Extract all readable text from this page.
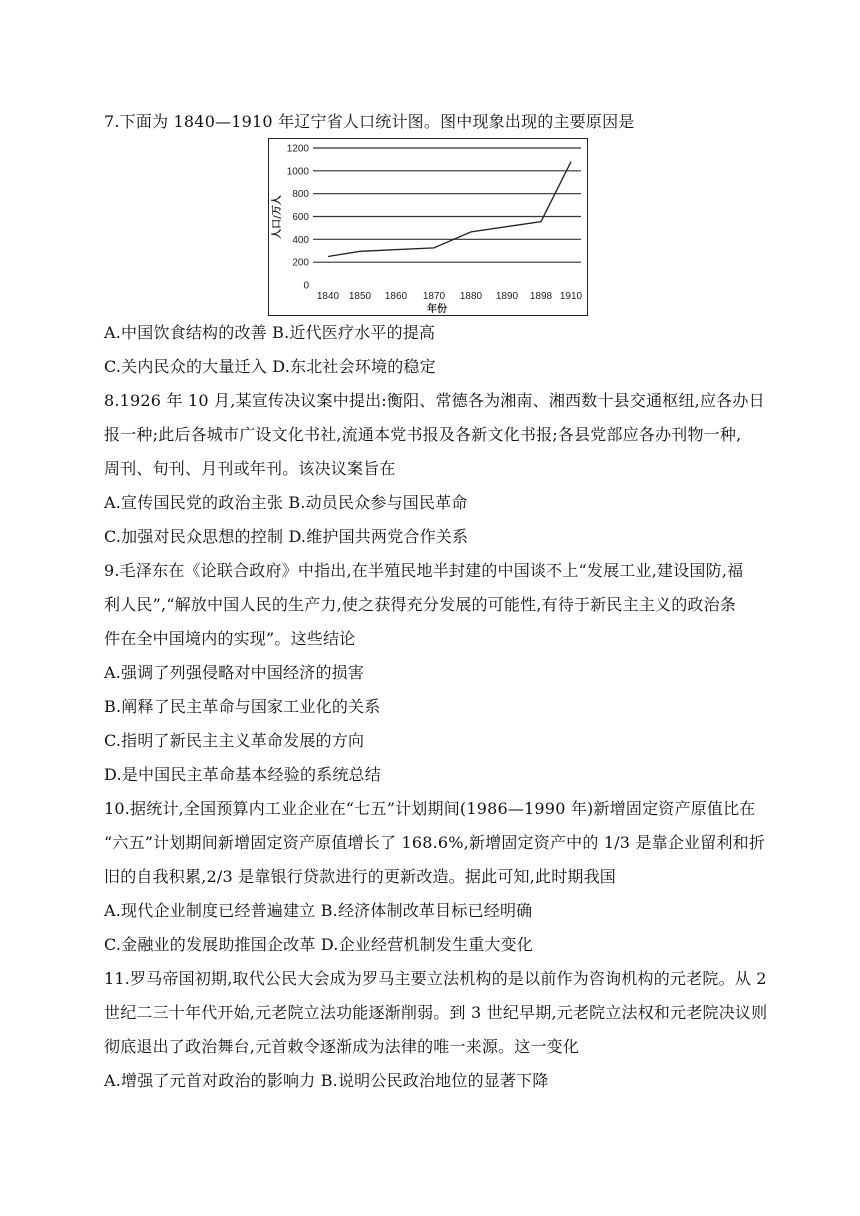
7.下面为 1840—1910 年辽宁省人口统计图。图中现象出现的主要原因是
0
200
400
600
800
1000
1200
1840 1850 1860 1870 1880 1890 1898 1910
年份
人口/万人
A.中国饮食结构的改善 B.近代医疗水平的提高
C.关内民众的大量迁入 D.东北社会环境的稳定
8.1926 年 10 月,某宣传决议案中提出:衡阳、常德各为湘南、湘西数十县交通枢纽,应各办日
报一种;此后各城市广设文化书社,流通本党书报及各新文化书报;各县党部应各办刊物一种,
周刊、旬刊、月刊或年刊。该决议案旨在
A.宣传国民党的政治主张 B.动员民众参与国民革命
C.加强对民众思想的控制 D.维护国共两党合作关系
9.毛泽东在《论联合政府》中指出,在半殖民地半封建的中国谈不上“发展工业,建设国防,福
利人民”,“解放中国人民的生产力,使之获得充分发展的可能性,有待于新民主主义的政治条
件在全中国境内的实现”。这些结论
A.强调了列强侵略对中国经济的损害
B.阐释了民主革命与国家工业化的关系
C.指明了新民主主义革命发展的方向
D.是中国民主革命基本经验的系统总结
10.据统计,全国预算内工业企业在“七五”计划期间(1986—1990 年)新增固定资产原值比在
“六五”计划期间新增固定资产原值增长了 168.6%,新增固定资产中的 1/3 是靠企业留利和折
旧的自我积累,2/3 是靠银行贷款进行的更新改造。据此可知,此时期我国
A.现代企业制度已经普遍建立 B.经济体制改革目标已经明确
C.金融业的发展助推国企改革 D.企业经营机制发生重大变化
11.罗马帝国初期,取代公民大会成为罗马主要立法机构的是以前作为咨询机构的元老院。从 2
世纪二三十年代开始,元老院立法功能逐渐削弱。到 3 世纪早期,元老院立法权和元老院决议则
彻底退出了政治舞台,元首敕令逐渐成为法律的唯一来源。这一变化
A.增强了元首对政治的影响力 B.说明公民政治地位的显著下降
